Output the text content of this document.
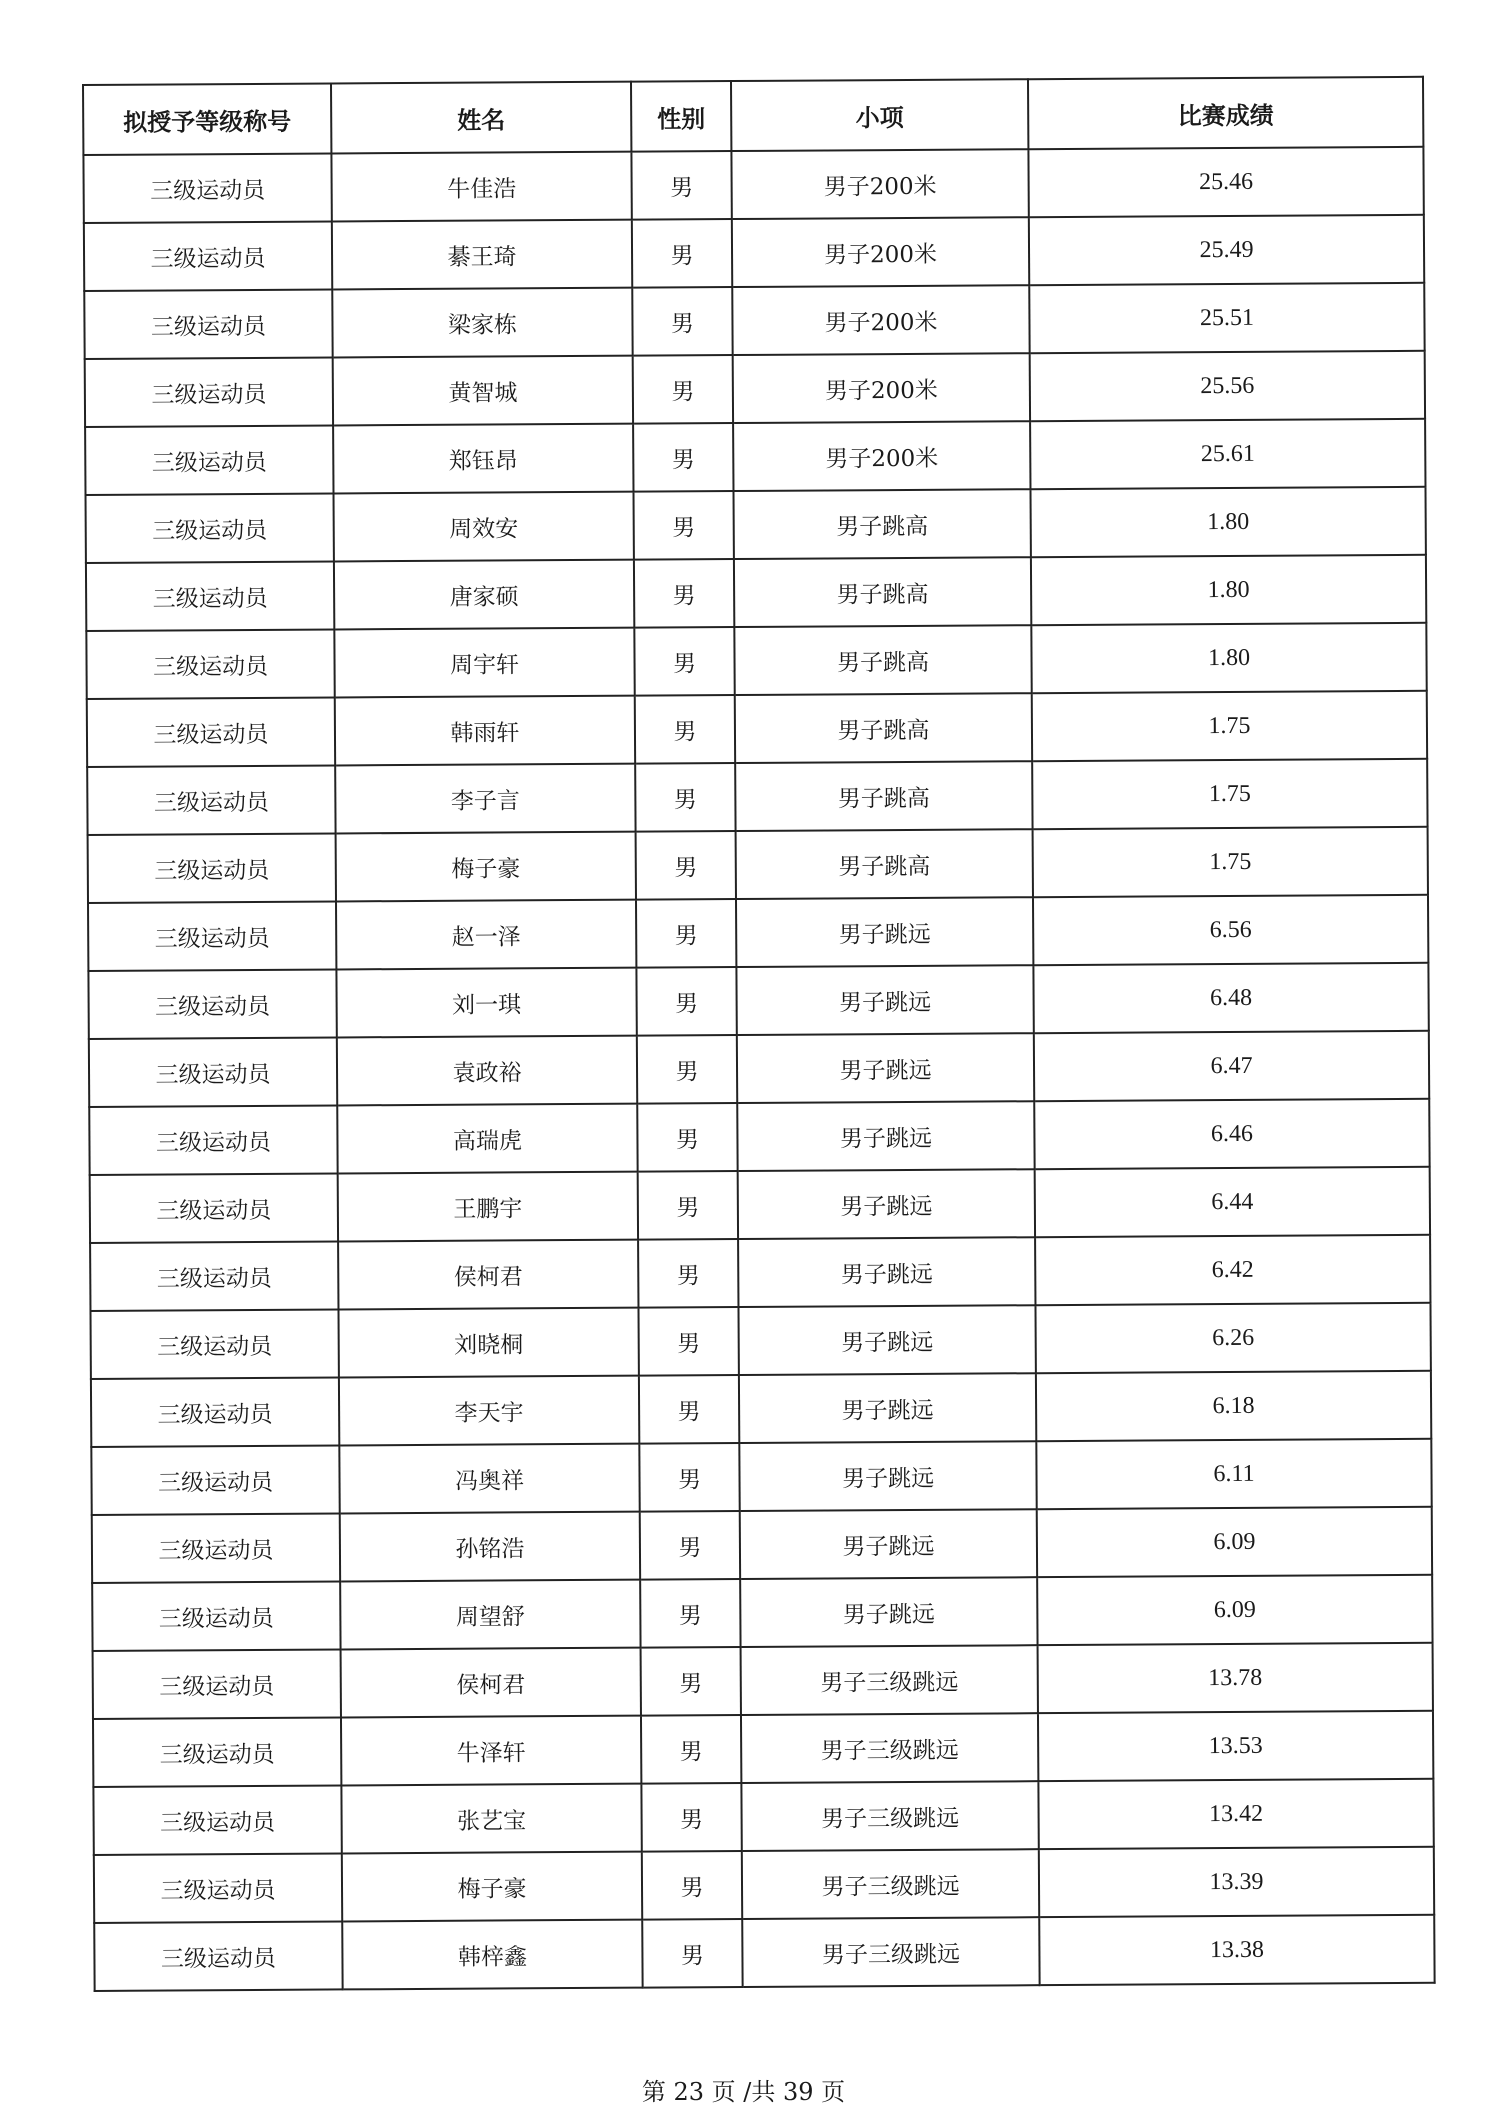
拟授予等级称号	姓名	性别	小项	比赛成绩
三级运动员	牛佳浩	男	男子200米	25.46
三级运动员	綦王琦	男	男子200米	25.49
三级运动员	梁家栋	男	男子200米	25.51
三级运动员	黄智城	男	男子200米	25.56
三级运动员	郑钰昂	男	男子200米	25.61
三级运动员	周效安	男	男子跳高	1.80
三级运动员	唐家硕	男	男子跳高	1.80
三级运动员	周宇轩	男	男子跳高	1.80
三级运动员	韩雨轩	男	男子跳高	1.75
三级运动员	李子言	男	男子跳高	1.75
三级运动员	梅子豪	男	男子跳高	1.75
三级运动员	赵一泽	男	男子跳远	6.56
三级运动员	刘一琪	男	男子跳远	6.48
三级运动员	袁政裕	男	男子跳远	6.47
三级运动员	高瑞虎	男	男子跳远	6.46
三级运动员	王鹏宇	男	男子跳远	6.44
三级运动员	侯柯君	男	男子跳远	6.42
三级运动员	刘晓桐	男	男子跳远	6.26
三级运动员	李天宇	男	男子跳远	6.18
三级运动员	冯奥祥	男	男子跳远	6.11
三级运动员	孙铭浩	男	男子跳远	6.09
三级运动员	周望舒	男	男子跳远	6.09
三级运动员	侯柯君	男	男子三级跳远	13.78
三级运动员	牛泽轩	男	男子三级跳远	13.53
三级运动员	张艺宝	男	男子三级跳远	13.42
三级运动员	梅子豪	男	男子三级跳远	13.39
三级运动员	韩梓鑫	男	男子三级跳远	13.38
第 23 页 /共 39 页
